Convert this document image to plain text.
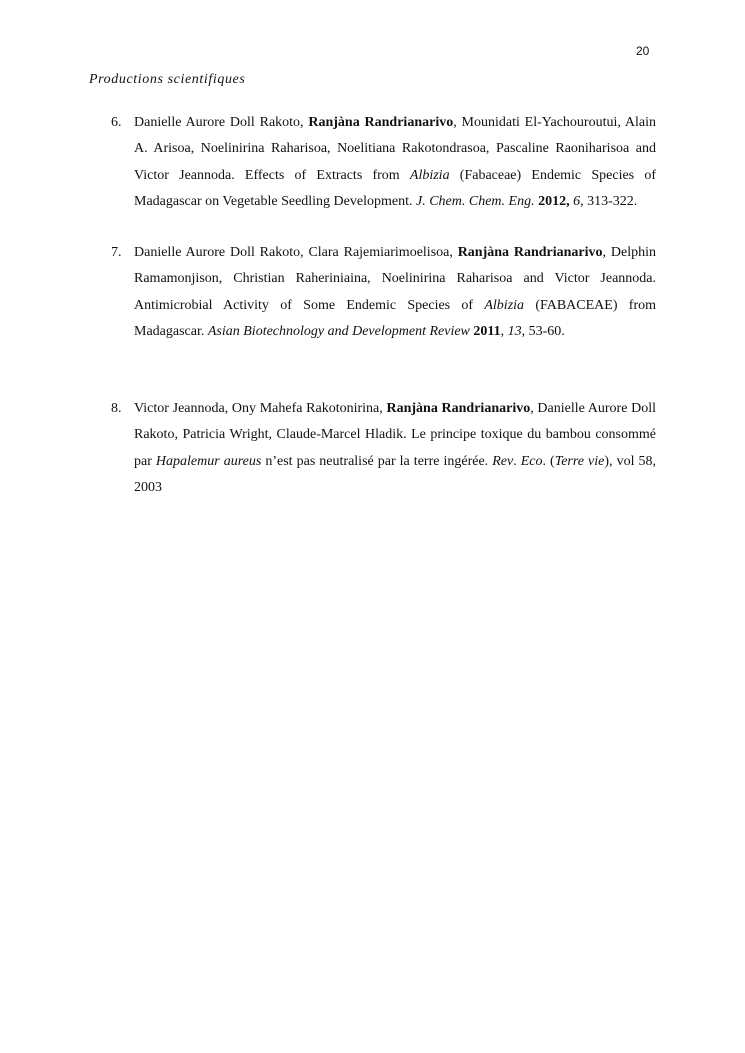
20
Productions scientifiques
6. Danielle Aurore Doll Rakoto, Ranjàna Randrianarivo, Mounidati El-Yachouroutui, Alain A. Arisoa, Noelinirina Raharisoa, Noelitiana Rakotondrasoa, Pascaline Raoniharisoa and Victor Jeannoda. Effects of Extracts from Albizia (Fabaceae) Endemic Species of Madagascar on Vegetable Seedling Development. J. Chem. Chem. Eng. 2012, 6, 313-322.
7. Danielle Aurore Doll Rakoto, Clara Rajemiarimoelisoa, Ranjàna Randrianarivo, Delphin Ramamonjison, Christian Raheriniaina, Noelinirina Raharisoa and Victor Jeannoda. Antimicrobial Activity of Some Endemic Species of Albizia (FABACEAE) from Madagascar. Asian Biotechnology and Development Review 2011, 13, 53-60.
8. Victor Jeannoda, Ony Mahefa Rakotonirina, Ranjàna Randrianarivo, Danielle Aurore Doll Rakoto, Patricia Wright, Claude-Marcel Hladik. Le principe toxique du bambou consommé par Hapalemur aureus n’est pas neutralisé par la terre ingérée. Rev. Eco. (Terre vie), vol 58, 2003
